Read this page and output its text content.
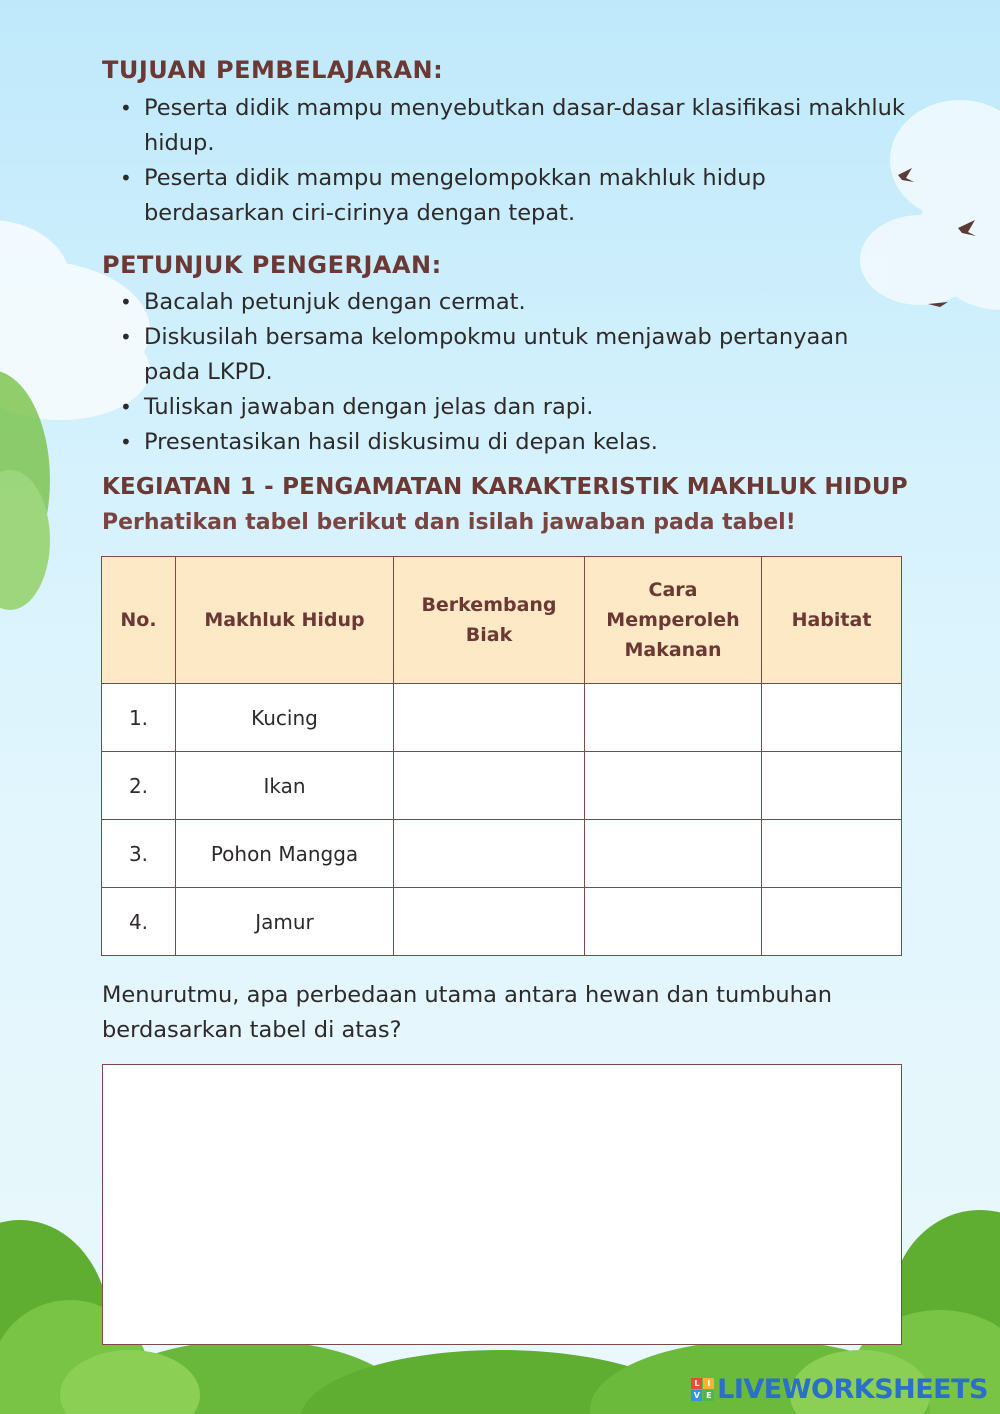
TUJUAN PEMBELAJARAN:
• Peserta didik mampu menyebutkan dasar-dasar klasifikasi makhluk hidup.
• Peserta didik mampu mengelompokkan makhluk hidup berdasarkan ciri-cirinya dengan tepat.
PETUNJUK PENGERJAAN:
• Bacalah petunjuk dengan cermat.
• Diskusilah bersama kelompokmu untuk menjawab pertanyaan pada LKPD.
• Tuliskan jawaban dengan jelas dan rapi.
• Presentasikan hasil diskusimu di depan kelas.
KEGIATAN 1 - PENGAMATAN KARAKTERISTIK MAKHLUK HIDUP
Perhatikan tabel berikut dan isilah jawaban pada tabel!
No.	Makhluk Hidup	Berkembang Biak	Cara Memperoleh Makanan	Habitat
1.	Kucing			
2.	Ikan			
3.	Pohon Mangga			
4.	Jamur			
Menurutmu, apa perbedaan utama antara hewan dan tumbuhan berdasarkan tabel di atas?
L	I
V E LIVEWORKSHEETS
